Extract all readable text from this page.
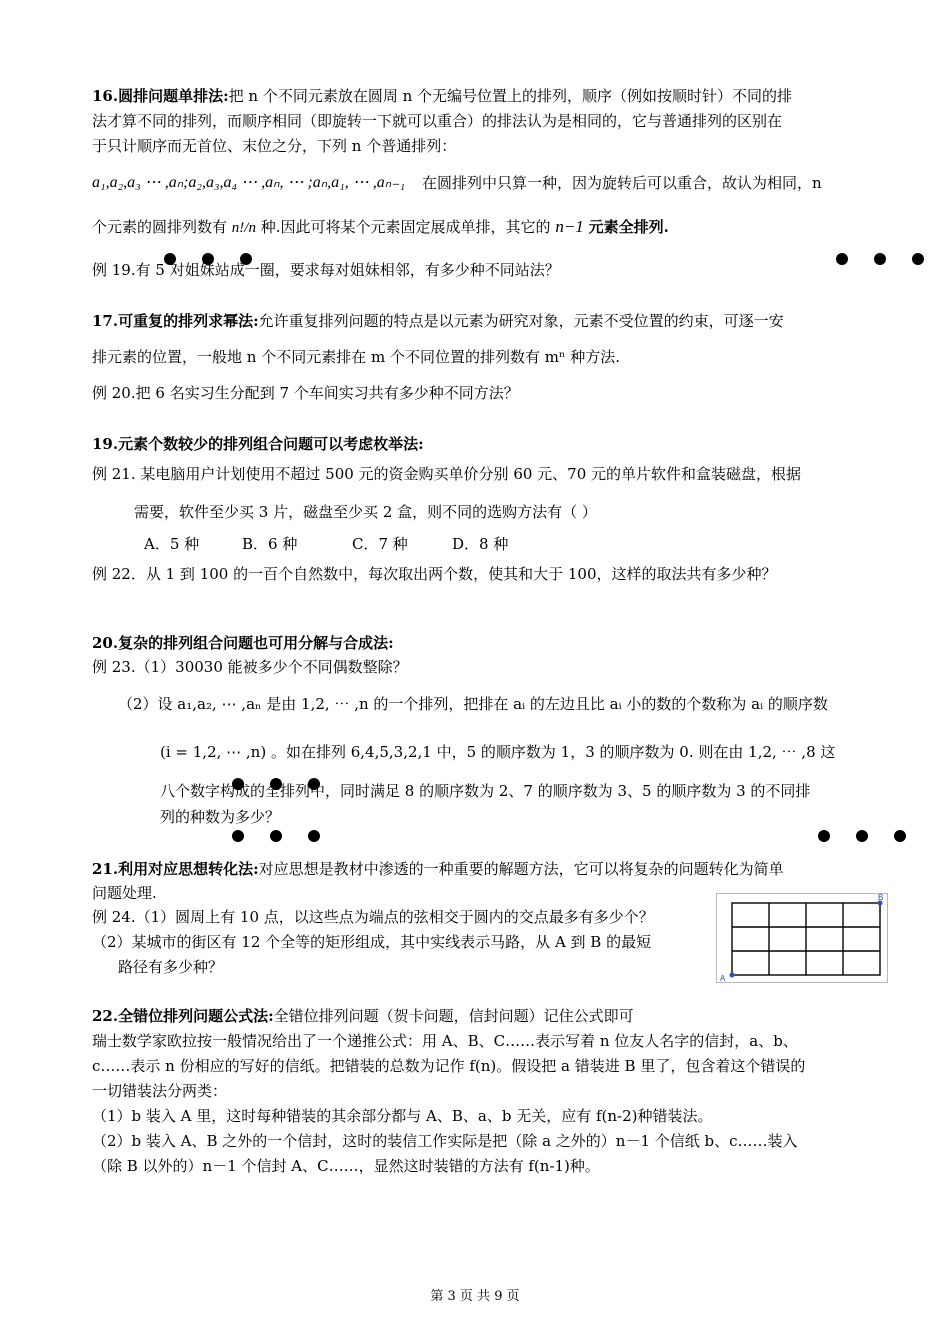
16.圆排问题单排法:把 n 个不同元素放在圆周 n 个无编号位置上的排列，顺序（例如按顺时针）不同的排
法才算不同的排列，而顺序相同（即旋转一下就可以重合）的排法认为是相同的，它与普通排列的区别在
于只计顺序而无首位、末位之分，下列 n 个普通排列：
a₁,a₂,a₃ ⋯ ,aₙ;a₂,a₃,a₄ ⋯ ,aₙ, ⋯ ;aₙ,a₁, ⋯ ,aₙ₋₁ 在圆排列中只算一种，因为旋转后可以重合，故认为相同，n
个元素的圆排列数有 n!/n 种.因此可将某个元素固定展成单排，其它的 n−1 元素全排列.
例 19.有 5 对姐妹站成一圈，要求每对姐妹相邻，有多少种不同站法？
17.可重复的排列求幂法:允许重复排列问题的特点是以元素为研究对象，元素不受位置的约束，可逐一安
排元素的位置，一般地 n 个不同元素排在 m 个不同位置的排列数有 mⁿ 种方法.
例 20.把 6 名实习生分配到 7 个车间实习共有多少种不同方法？
19.元素个数较少的排列组合问题可以考虑枚举法:
例 21. 某电脑用户计划使用不超过 500 元的资金购买单价分别 60 元、70 元的单片软件和盒装磁盘，根据
需要，软件至少买 3 片，磁盘至少买 2 盒，则不同的选购方法有（ ）
A．5 种	B．6 种	C．7 种	D．8 种
例 22．从 1 到 100 的一百个自然数中，每次取出两个数，使其和大于 100，这样的取法共有多少种？
20.复杂的排列组合问题也可用分解与合成法:
例 23.（1）30030 能被多少个不同偶数整除？
（2）设 a₁,a₂, ⋯ ,aₙ 是由 1,2, ⋯ ,n 的一个排列，把排在 aᵢ 的左边且比 aᵢ 小的数的个数称为 aᵢ 的顺序数
(i = 1,2, ⋯ ,n) 。如在排列 6,4,5,3,2,1 中，5 的顺序数为 1，3 的顺序数为 0. 则在由 1,2, ⋯ ,8 这
八个数字构成的全排列中，同时满足 8 的顺序数为 2、7 的顺序数为 3、5 的顺序数为 3 的不同排
列的种数为多少？
21.利用对应思想转化法:对应思想是教材中渗透的一种重要的解题方法，它可以将复杂的问题转化为简单
问题处理.
例 24.（1）圆周上有 10 点，以这些点为端点的弦相交于圆内的交点最多有多少个？
（2）某城市的街区有 12 个全等的矩形组成，其中实线表示马路，从 A 到 B 的最短
路径有多少种？
A
B
22.全错位排列问题公式法:全错位排列问题（贺卡问题，信封问题）记住公式即可
瑞士数学家欧拉按一般情况给出了一个递推公式：用 A、B、C……表示写着 n 位友人名字的信封，a、b、
c……表示 n 份相应的写好的信纸。把错装的总数为记作 f(n)。假设把 a 错装进 B 里了，包含着这个错误的
一切错装法分两类：
（1）b 装入 A 里，这时每种错装的其余部分都与 A、B、a、b 无关，应有 f(n-2)种错装法。
（2）b 装入 A、B 之外的一个信封，这时的装信工作实际是把（除 a 之外的）n－1 个信纸 b、c……装入
（除 B 以外的）n－1 个信封 A、C……，显然这时装错的方法有 f(n-1)种。
第 3 页 共 9 页
